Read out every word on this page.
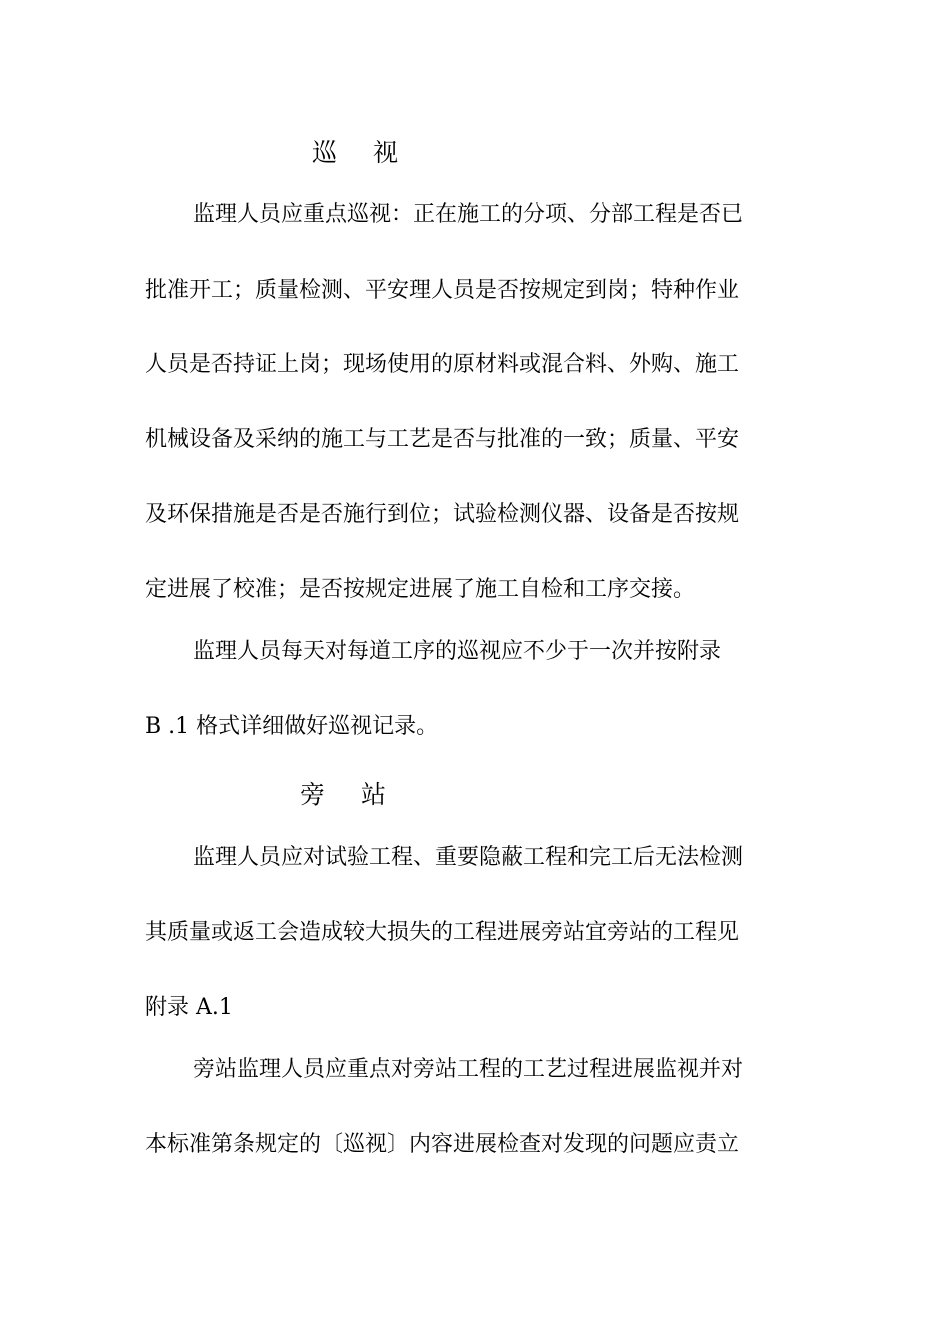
巡 视
监理人员应重点巡视：正在施工的分项、分部工程是否已
批准开工；质量检测、平安理人员是否按规定到岗；特种作业
人员是否持证上岗；现场使用的原材料或混合料、外购、施工
机械设备及采纳的施工与工艺是否与批准的一致；质量、平安
及环保措施是否是否施行到位；试验检测仪器、设备是否按规
定进展了校准；是否按规定进展了施工自检和工序交接。
监理人员每天对每道工序的巡视应不少于一次并按附录
B .1 格式详细做好巡视记录。
旁 站
监理人员应对试验工程、重要隐蔽工程和完工后无法检测
其质量或返工会造成较大损失的工程进展旁站宜旁站的工程见
附录 A.1
旁站监理人员应重点对旁站工程的工艺过程进展监视并对
本标准第条规定的〔巡视〕内容进展检查对发现的问题应责立
